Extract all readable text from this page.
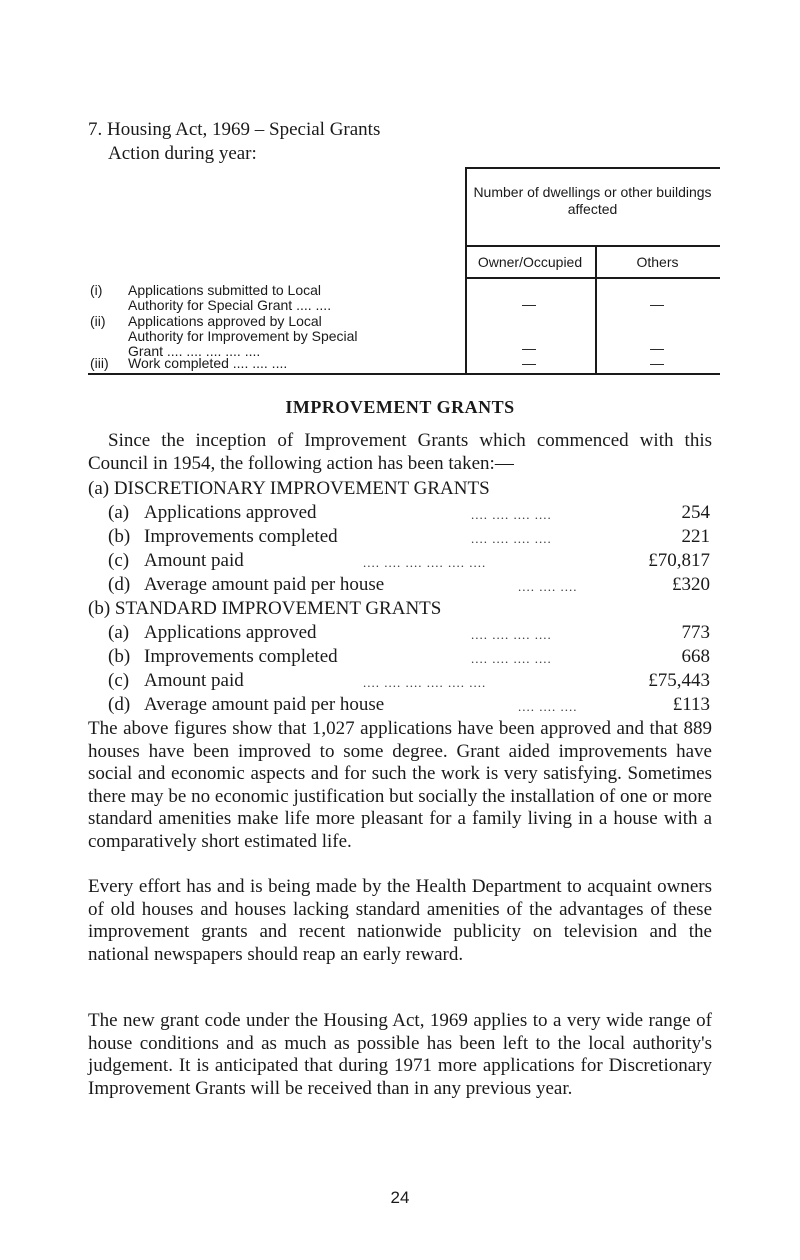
7. Housing Act, 1969 – Special Grants
Action during year:
Number of dwellings or other buildings affected
Owner/Occupied	Others
(i) Applications submitted to Local
Authority for Special Grant .... ....	—	—
(ii) Applications approved by Local
Authority for Improvement by Special
Grant .... .... .... .... ....	—	—
(iii) Work completed .... .... ....	—	—
IMPROVEMENT GRANTS
Since the inception of Improvement Grants which commenced with this Council in 1954, the following action has been taken:—
(a) DISCRETIONARY IMPROVEMENT GRANTS
(a) Applications approved	.... .... .... ....	254
(b) Improvements completed	.... .... .... ....	221
(c) Amount paid	.... .... .... .... .... ....	£70,817
(d) Average amount paid per house	.... .... ....	£320
(b) STANDARD IMPROVEMENT GRANTS
(a) Applications approved	.... .... .... ....	773
(b) Improvements completed	.... .... .... ....	668
(c) Amount paid	.... .... .... .... .... ....	£75,443
(d) Average amount paid per house	.... .... ....	£113
The above figures show that 1,027 applications have been approved and that 889 houses have been improved to some degree. Grant aided improvements have social and economic aspects and for such the work is very satisfying. Sometimes there may be no economic justification but socially the installation of one or more standard amenities make life more pleasant for a family living in a house with a comparatively short estimated life.
Every effort has and is being made by the Health Department to acquaint owners of old houses and houses lacking standard amenities of the advantages of these improvement grants and recent nationwide publicity on television and the national newspapers should reap an early reward.
The new grant code under the Housing Act, 1969 applies to a very wide range of house conditions and as much as possible has been left to the local authority's judgement. It is anticipated that during 1971 more applications for Discretionary Improvement Grants will be received than in any previous year.
24
